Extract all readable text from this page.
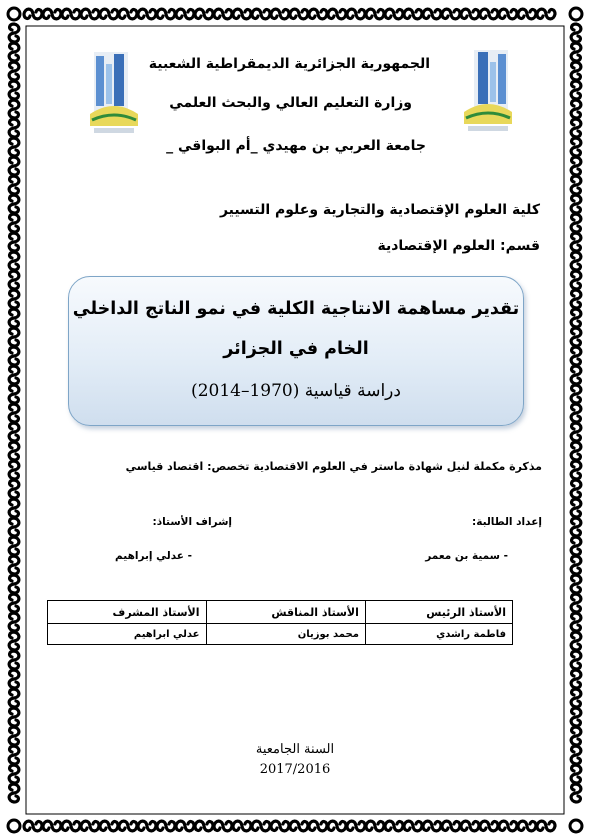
الجمهورية الجزائرية الديمقراطية الشعبية
وزارة التعليم العالي والبحث العلمي
جامعة العربي بن مهيدي _أم البواقي _
كلية العلوم الإقتصادية والتجارية وعلوم التسيير
قسم: العلوم الإقتصادية
تقدير مساهمة الانتاجية الكلية في نمو الناتج الداخلي
الخام في الجزائر
دراسة قياسية (1970–2014)
مذكرة مكملة لنيل شهادة ماستر في العلوم الاقتصادية تخصص: اقتصاد قياسي
إعداد الطالبة:
إشراف الأستاذ:
- سمية بن معمر
- عدلي إبراهيم
الأستاذ الرئيس	الأستاذ المناقش	الأستاذ المشرف
فاطمة راشدي	محمد بوزيان	عدلي ابراهيم
السنة الجامعية
2017/2016
